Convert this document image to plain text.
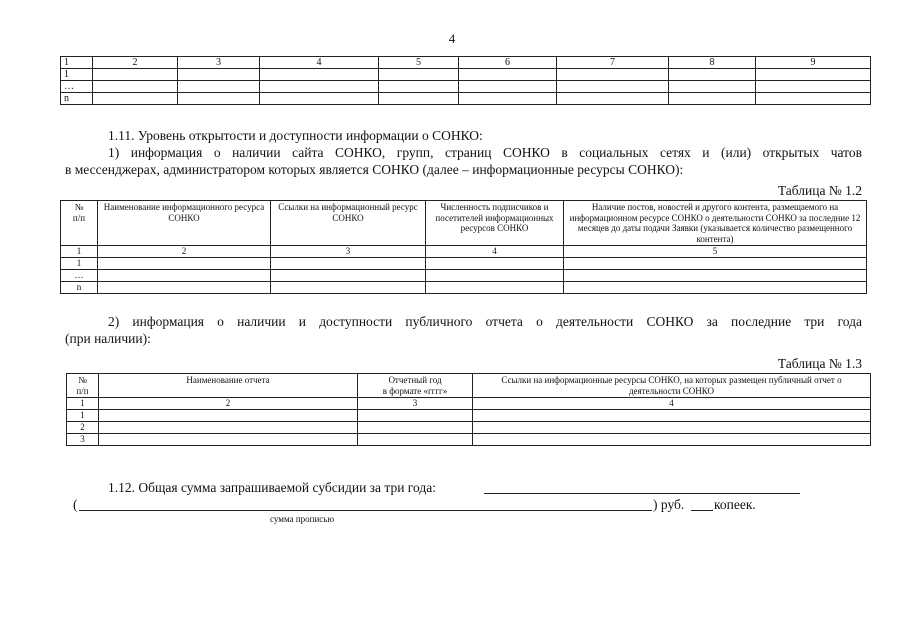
4
1	2	3	4	5	6	7	8	9
1								
…								
n								
1.11. Уровень открытости и доступности информации о СОНКО:
1) информация о наличии сайта СОНКО, групп, страниц СОНКО в социальных сетях и (или) открытых чатов
в мессенджерах, администратором которых является СОНКО (далее – информационные ресурсы СОНКО):
Таблица № 1.2
№
п/п	Наименование информационного ресурса СОНКО	Ссылки на информационный ресурс СОНКО	Численность подписчиков и посетителей информационных ресурсов СОНКО	Наличие постов, новостей и другого контента, размещаемого на информационном ресурсе СОНКО о деятельности СОНКО за последние 12 месяцев до даты подачи Заявки (указывается количество размещенного контента)
1	2	3	4	5
1				
…				
n				
2) информация о наличии и доступности публичного отчета о деятельности СОНКО за последние три года
(при наличии):
Таблица № 1.3
№
п/п	Наименование отчета	Отчетный год
в формате «гггг»	Ссылки на информационные ресурсы СОНКО, на которых размещен публичный отчет о деятельности СОНКО
1	2	3	4
1			
2			
3			
1.12. Общая сумма запрашиваемой субсидии за три года:
(	) руб. копеек.
сумма прописью
